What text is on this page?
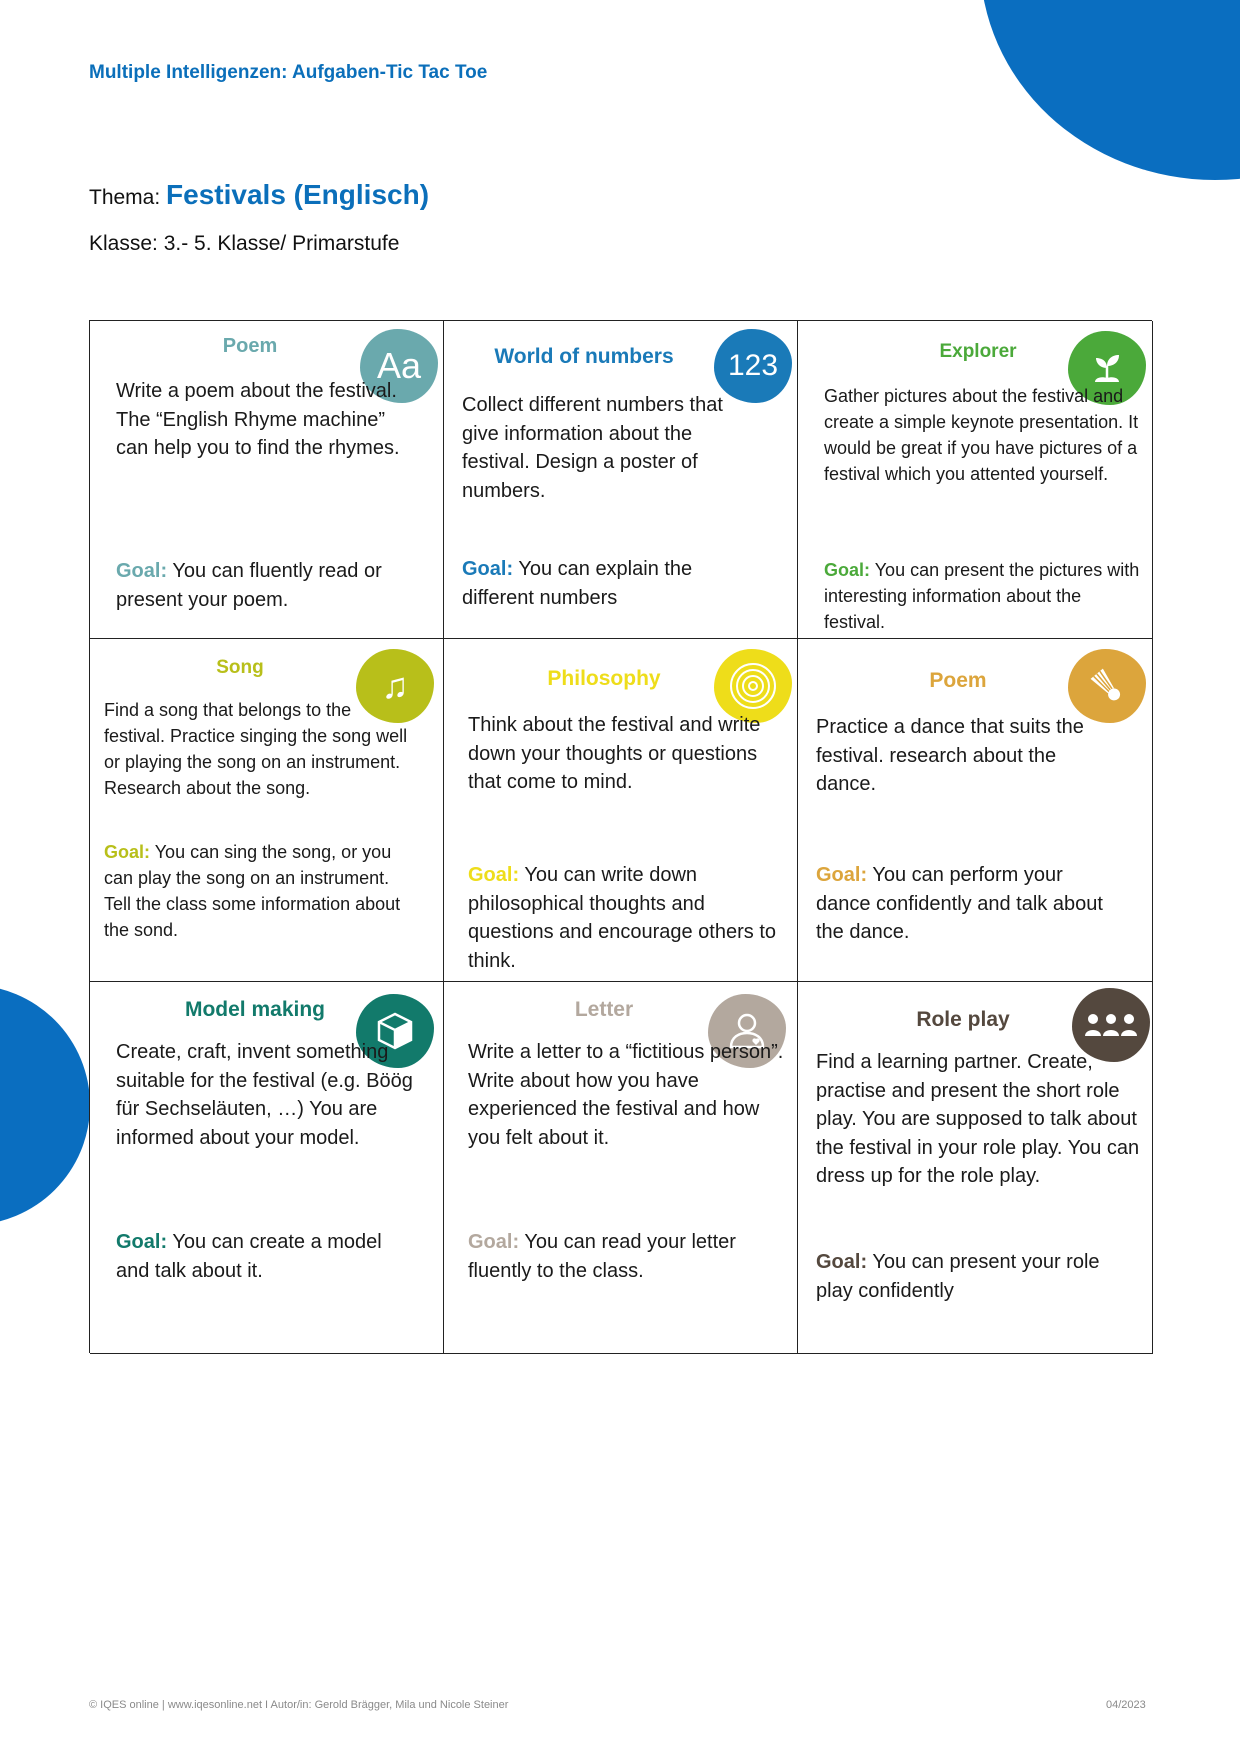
Multiple Intelligenzen: Aufgaben-Tic Tac Toe
Thema: Festivals (Englisch)
Klasse: 3.- 5. Klasse/ Primarstufe
Poem	Aa
Write a poem about the festival. The “English Rhyme machine” can help you to find the rhymes.
Goal: You can fluently read or present your poem.
World of numbers	123
Collect different numbers that give information about the festival. Design a poster of numbers.
Goal: You can explain the different numbers
Explorer
Gather pictures about the festival and create a simple keynote presentation. It would be great if you have pictures of a festival which you attented yourself.
Goal: You can present the pictures with interesting information about the festival.
Song	♫
Find a song that belongs to the festival. Practice singing the song well or playing the song on an instrument. Research about the song.
Goal: You can sing the song, or you can play the song on an instrument. Tell the class some information about the sond.
Philosophy
Think about the festival and write down your thoughts or questions that come to mind.
Goal: You can write down philosophical thoughts and questions and encourage others to think.
Poem
Practice a dance that suits the festival. research about the dance.
Goal: You can perform your dance confidently and talk about the dance.
Model making
Create, craft, invent something suitable for the festival (e.g. Böög für Sechseläuten, …) You are informed about your model.
Goal: You can create a model and talk about it.
Letter
Write a letter to a “fictitious person”. Write about how you have experienced the festival and how you felt about it.
Goal: You can read your letter fluently to the class.
Role play
Find a learning partner. Create, practise and present the short role play. You are supposed to talk about the festival in your role play. You can dress up for the role play.
Goal: You can present your role play confidently
© IQES online | www.iqesonline.net I Autor/in: Gerold Brägger, Mila und Nicole Steiner	04/2023
